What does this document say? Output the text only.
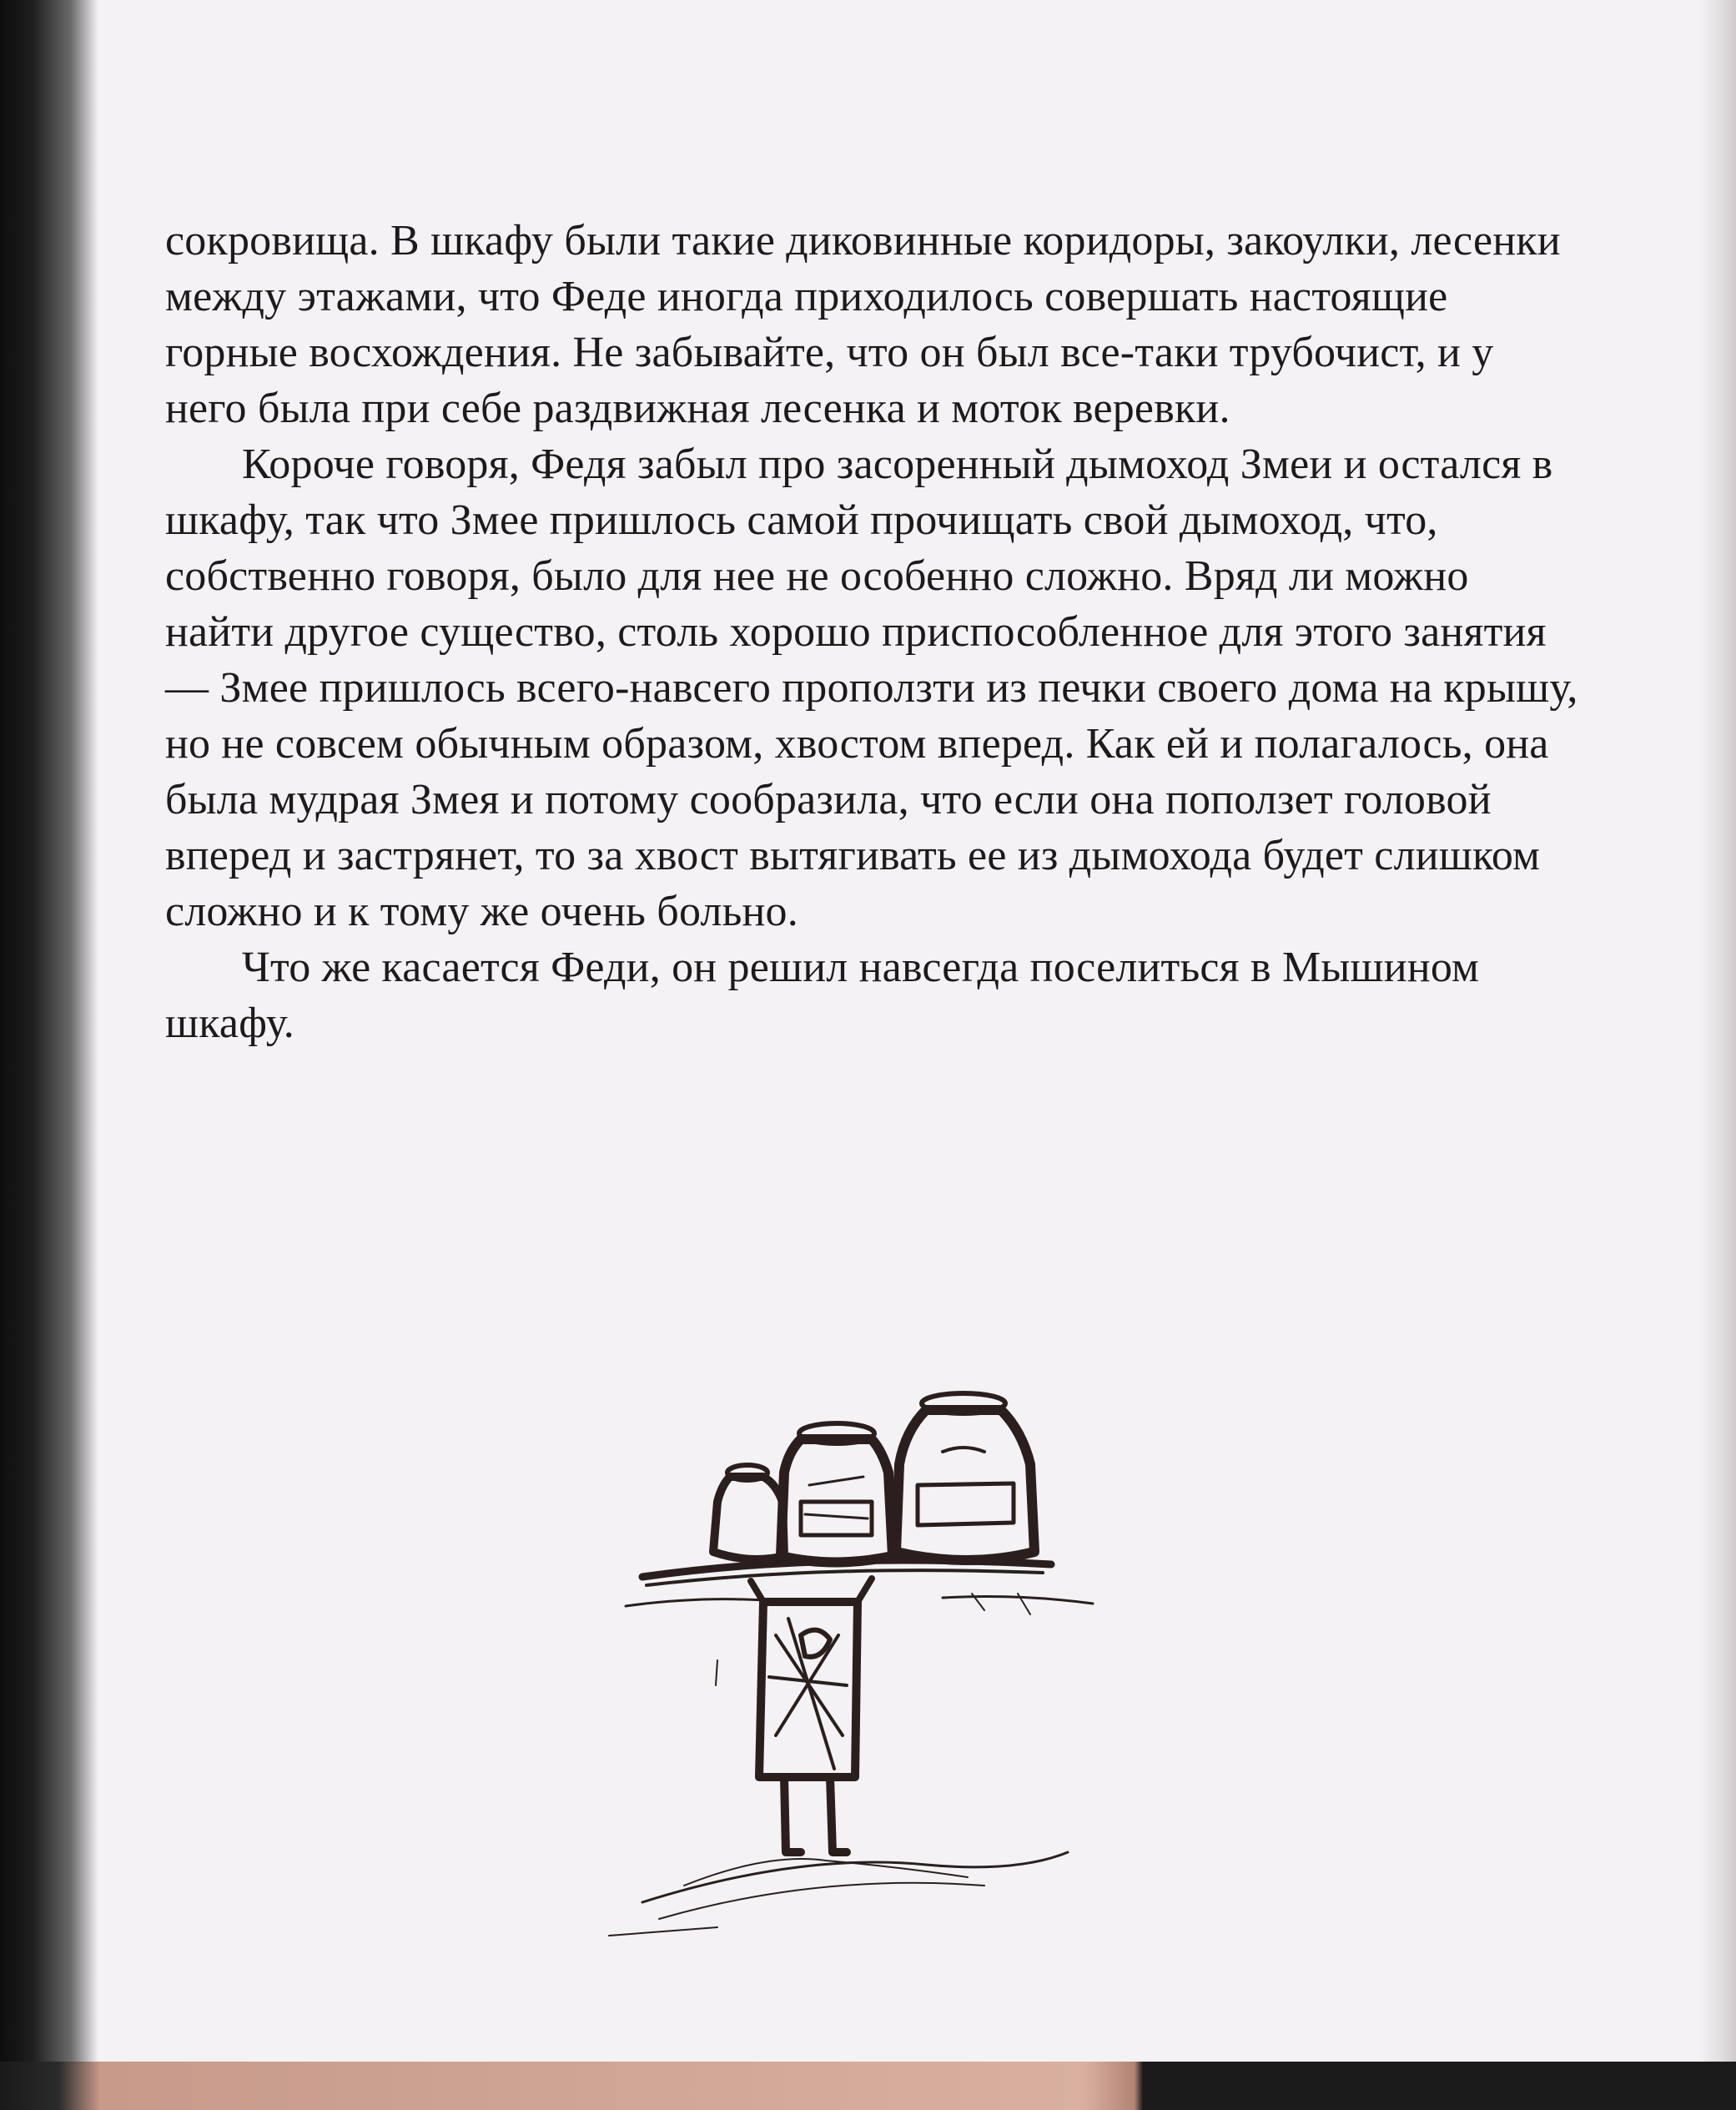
сокровища. В шкафу были такие диковинные коридоры, закоулки, лесенки между этажами, что Феде иногда приходилось совершать настоящие горные восхождения. Не забывайте, что он был все-таки трубочист, и у него была при себе раздвижная лесенка и моток веревки.

Короче говоря, Федя забыл про засоренный дымоход Змеи и остался в шкафу, так что Змее пришлось самой прочищать свой дымоход, что, собственно говоря, было для нее не особенно сложно. Вряд ли можно найти другое существо, столь хорошо приспособленное для этого занятия — Змее пришлось всего-навсего проползти из печки своего дома на крышу, но не совсем обычным образом, хвостом вперед. Как ей и полагалось, она была мудрая Змея и потому сообразила, что если она поползет головой вперед и застрянет, то за хвост вытягивать ее из дымохода будет слишком сложно и к тому же очень больно.

Что же касается Феди, он решил навсегда поселиться в Мышином шкафу.
